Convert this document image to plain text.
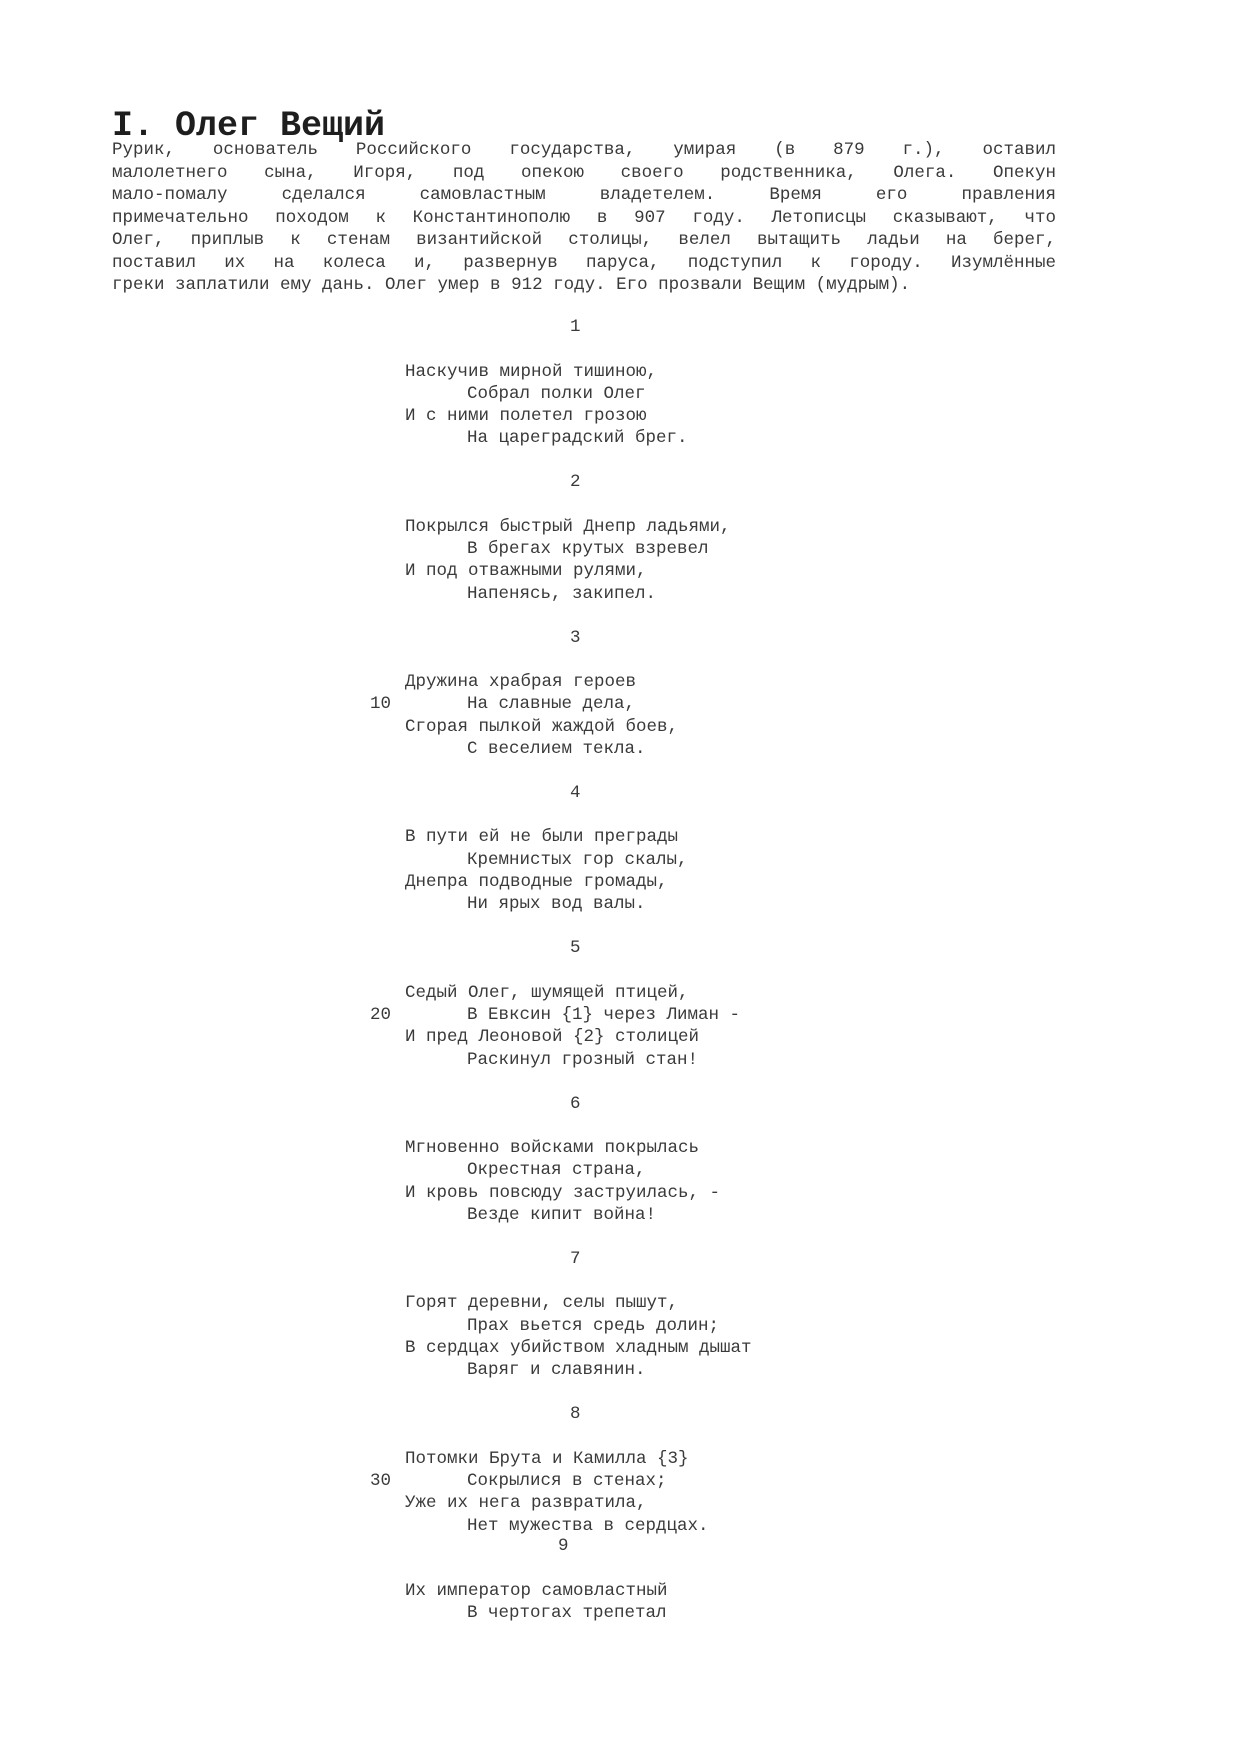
I. Олег Вещий
Рурик, основатель Российского государства, умирая (в 879 г.), оставил
малолетнего сына, Игоря, под опекою своего родственника, Олега. Опекун
мало-помалу сделался самовластным владетелем. Время его правления
примечательно походом к Константинополю в 907 году. Летописцы сказывают, что
Олег, приплыв к стенам византийской столицы, велел вытащить ладьи на берег,
поставил их на колеса и, развернув паруса, подступил к городу. Изумлённые
греки заплатили ему дань. Олег умер в 912 году. Его прозвали Вещим (мудрым).
1
Наскучив мирной тишиною,
Собрал полки Олег
И с ними полетел грозою
На цареградский брег.
2
Покрылся быстрый Днепр ладьями,
В брегах крутых взревел
И под отважными рулями,
Напенясь, закипел.
3
Дружина храбрая героев
На славные дела,
Сгорая пылкой жаждой боев,
С веселием текла.
10
4
В пути ей не были преграды
Кремнистых гор скалы,
Днепра подводные громады,
Ни ярых вод валы.
5
Седый Олег, шумящей птицей,
В Евксин {1} через Лиман -
И пред Леоновой {2} столицей
Раскинул грозный стан!
20
6
Мгновенно войсками покрылась
Окрестная страна,
И кровь повсюду заструилась, -
Везде кипит война!
7
Горят деревни, селы пышут,
Прах вьется средь долин;
В сердцах убийством хладным дышат
Варяг и славянин.
8
Потомки Брута и Камилла {3}
Сокрылися в стенах;
Уже их нега развратила,
Нет мужества в сердцах.
30
9
Их император самовластный
В чертогах трепетал
